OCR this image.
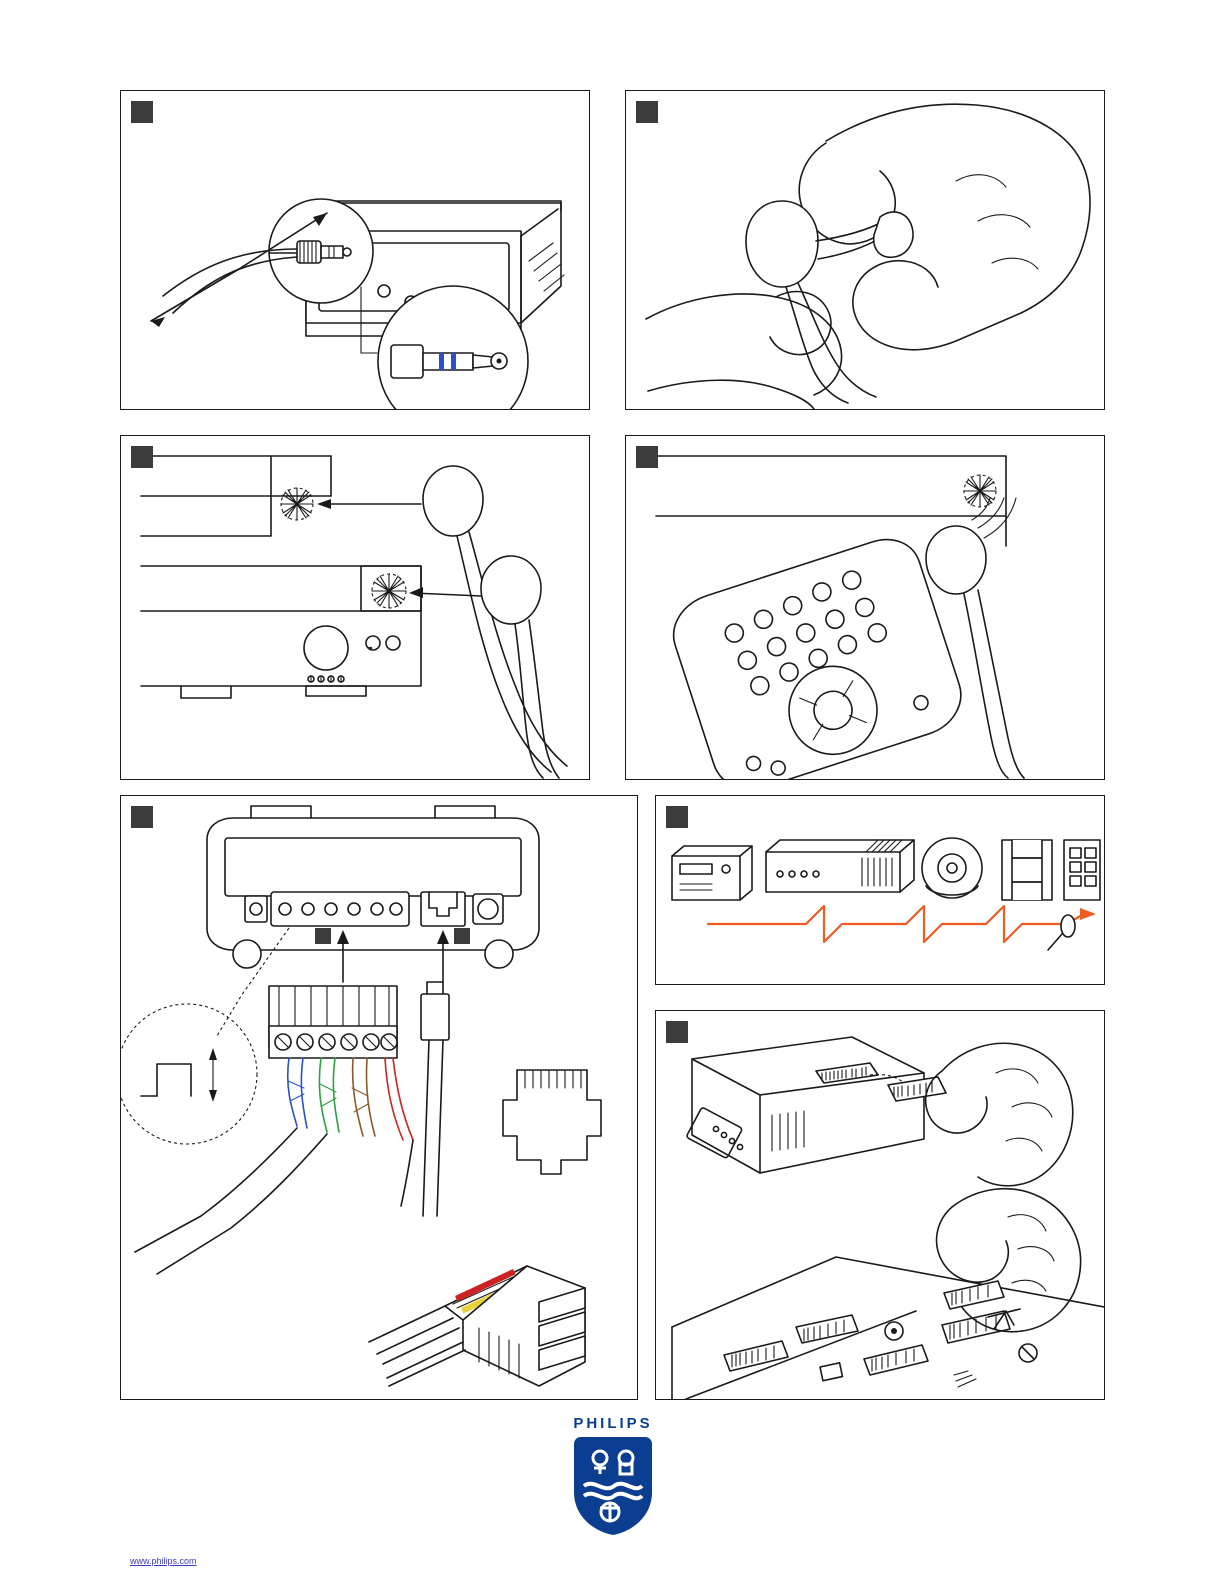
PHILIPS
www.philips.com
